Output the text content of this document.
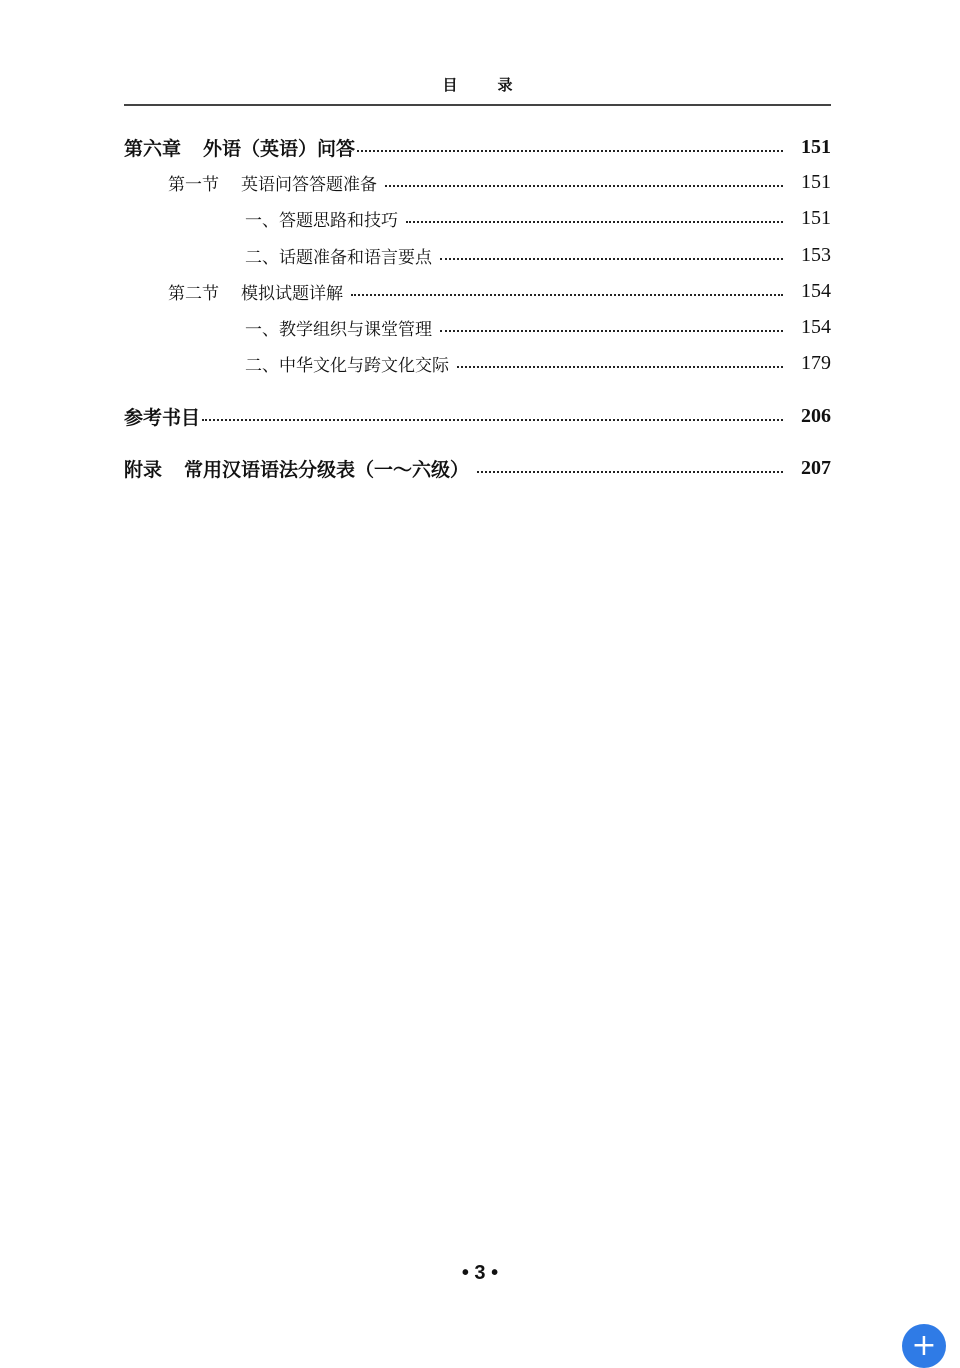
目	录
第六章 外语（英语）问答	151
第一节 英语问答答题准备	151
一、答题思路和技巧	151
二、话题准备和语言要点	153
第二节 模拟试题详解	154
一、教学组织与课堂管理	154
二、中华文化与跨文化交际	179
参考书目	206
附录 常用汉语语法分级表（一～六级）	207
• 3 •
+
